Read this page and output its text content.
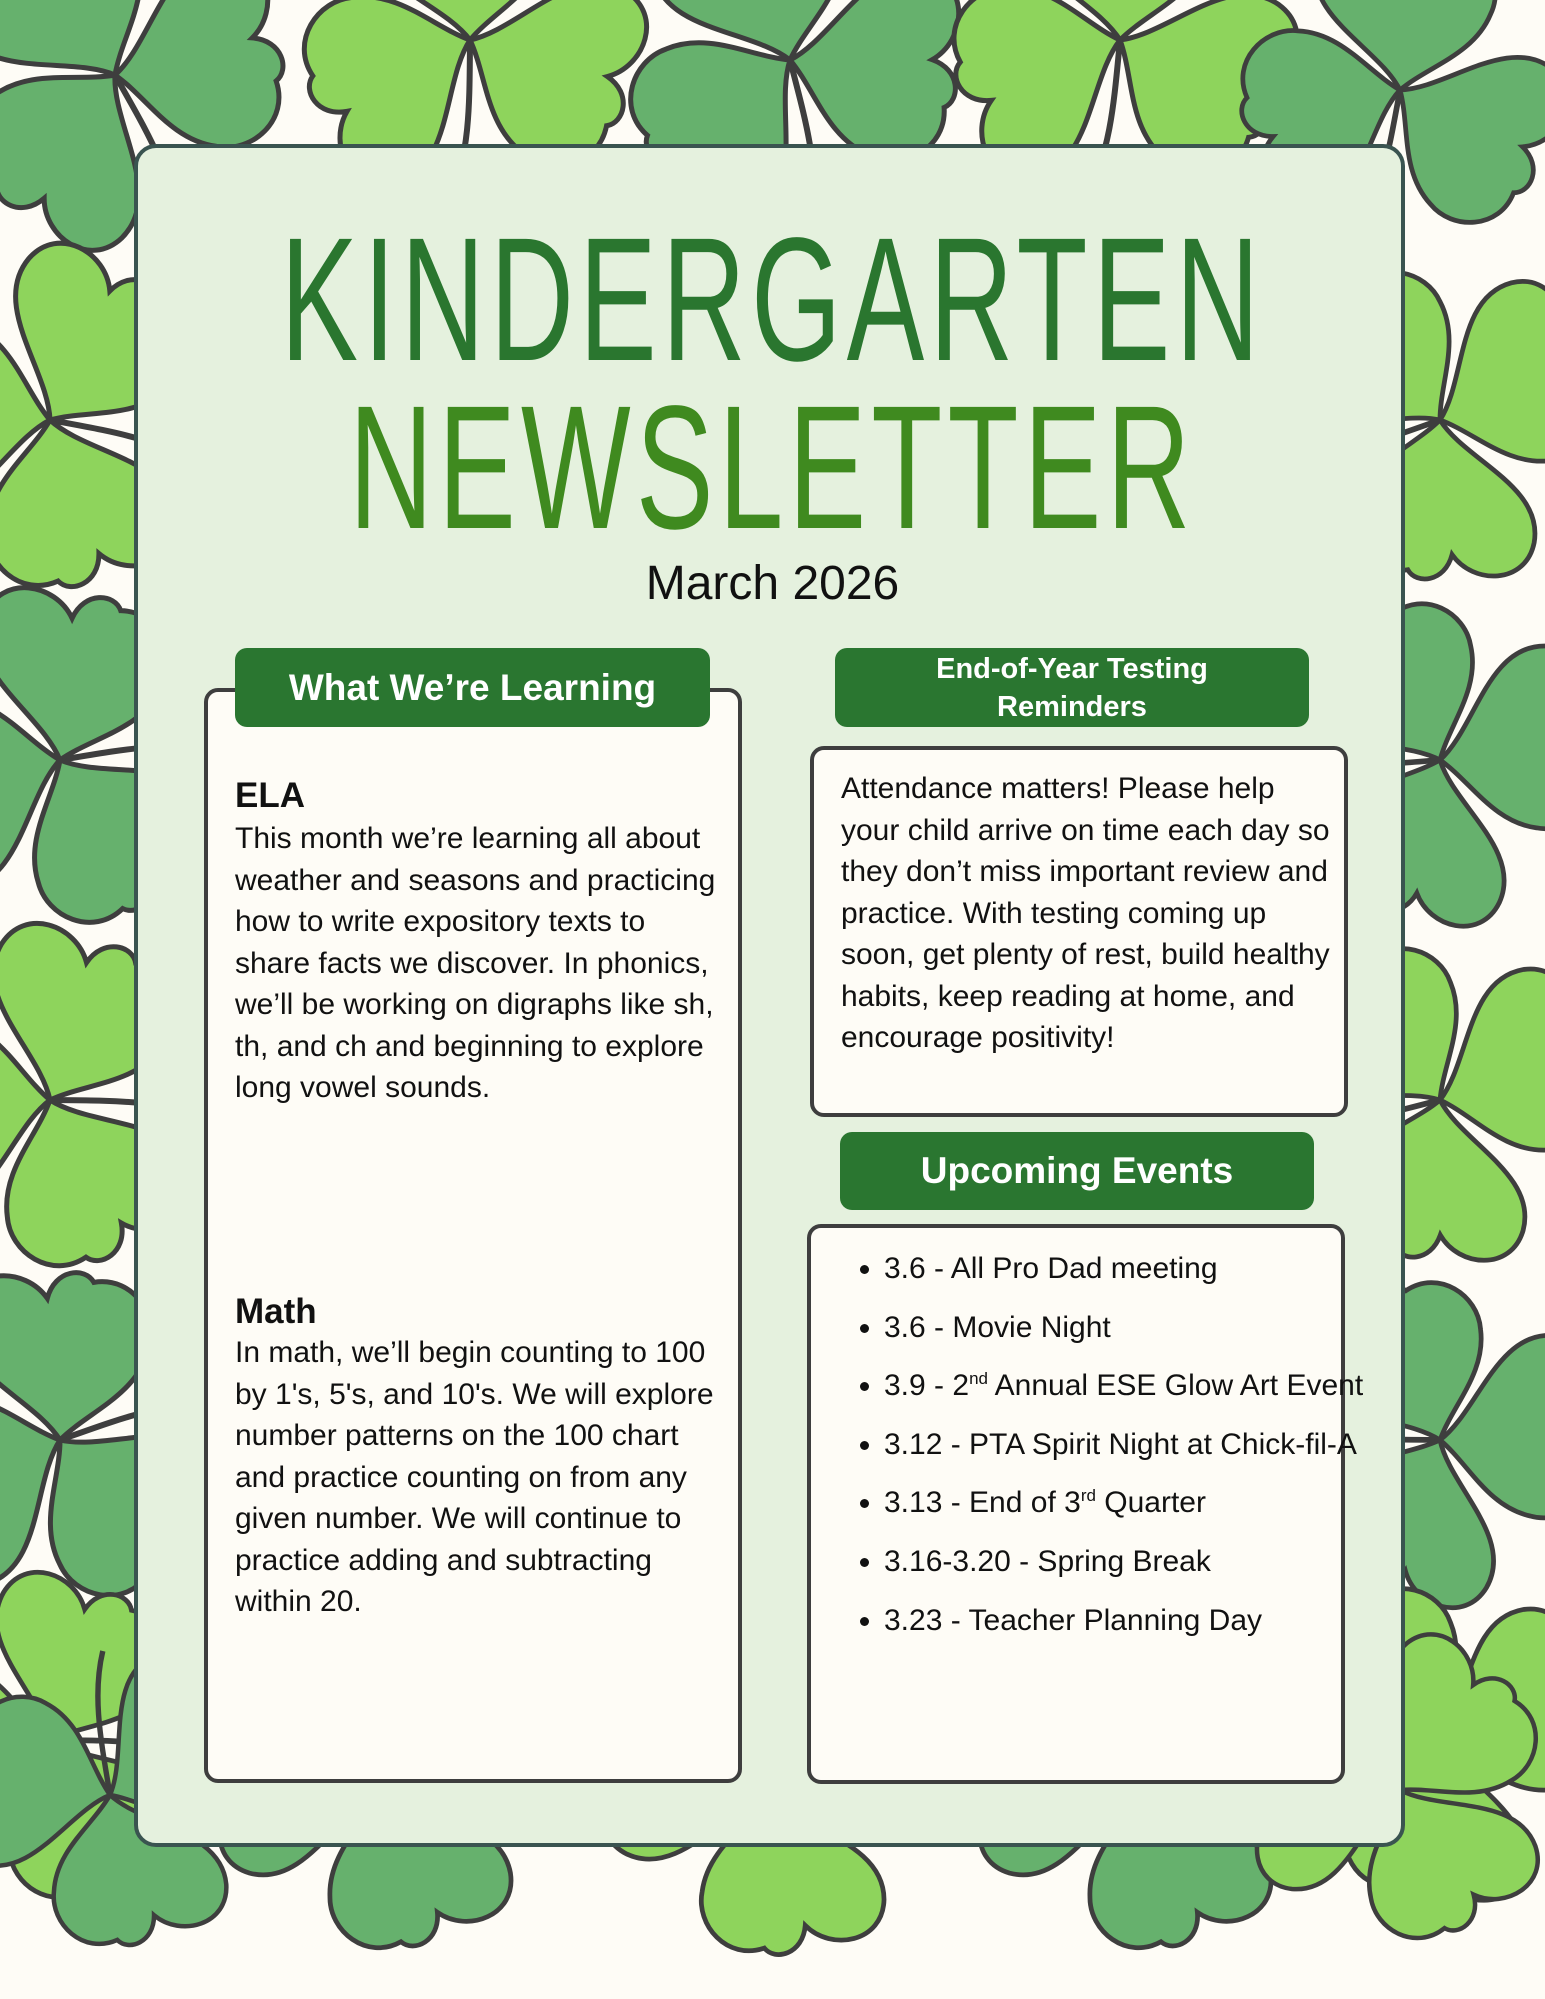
KINDERGARTEN
NEWSLETTER
March 2026
ELA
This month we’re learning all about weather and seasons and practicing how to write expository texts to share facts we discover. In phonics, we’ll be working on digraphs like sh, th, and ch and beginning to explore long vowel sounds.
Math
In math, we’ll begin counting to 100 by 1's, 5's, and 10's. We will explore number patterns on the 100 chart and practice counting on from any given number. We will continue to practice adding and subtracting within 20.
What We’re Learning	End-of-Year Testing Reminders
Attendance matters! Please help your child arrive on time each day so they don’t miss important review and practice. With testing coming up soon, get plenty of rest, build healthy habits, keep reading at home, and encourage positivity!
Upcoming Events
• 3.6 - All Pro Dad meeting
• 3.6 - Movie Night
• 3.9 - 2nd Annual ESE Glow Art Event
• 3.12 - PTA Spirit Night at Chick-fil-A
• 3.13 - End of 3rd Quarter
• 3.16-3.20 - Spring Break
• 3.23 - Teacher Planning Day
